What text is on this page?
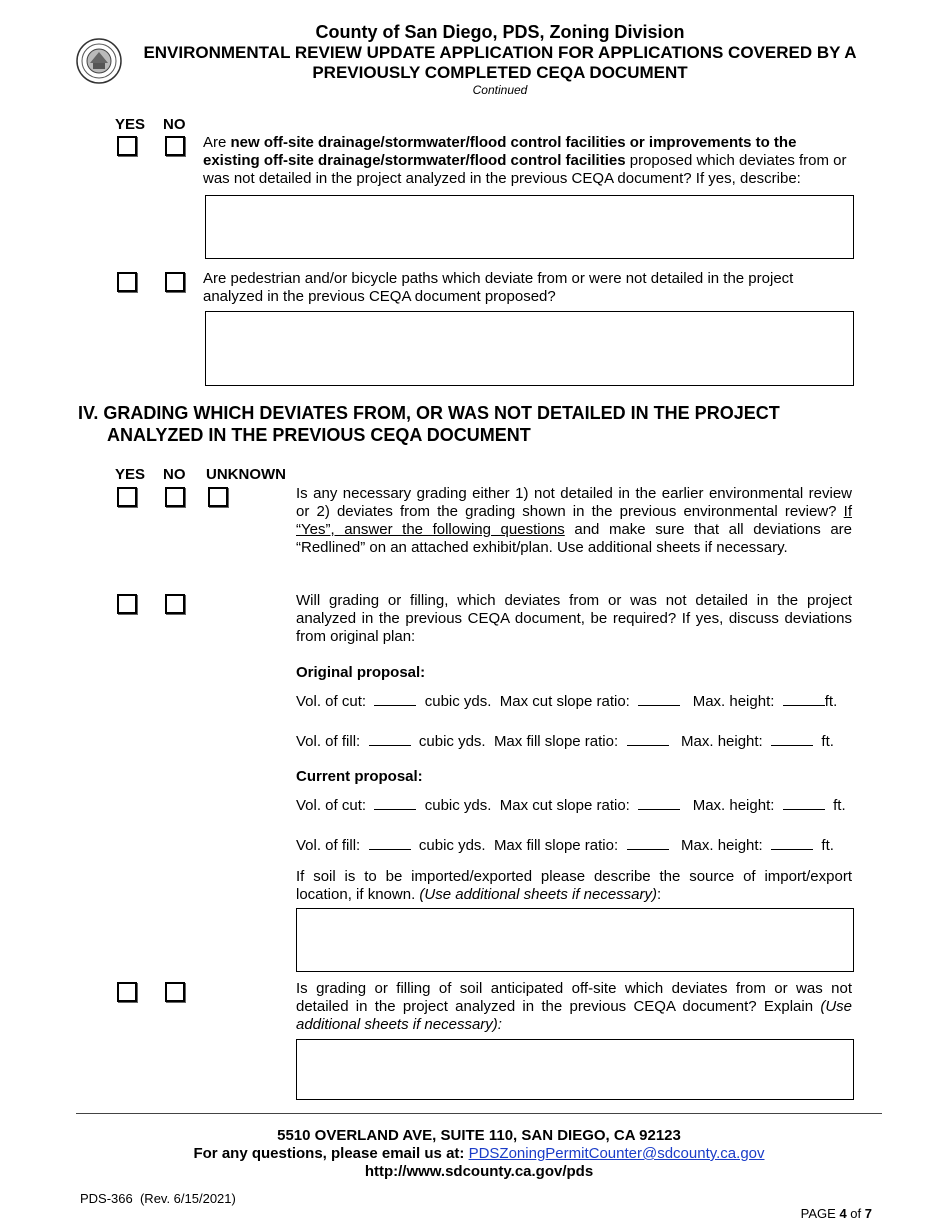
County of San Diego, PDS, Zoning Division
ENVIRONMENTAL REVIEW UPDATE APPLICATION FOR APPLICATIONS COVERED BY A
PREVIOUSLY COMPLETED CEQA DOCUMENT
Continued
YES NO
Are new off-site drainage/stormwater/flood control facilities or improvements to the existing off-site drainage/stormwater/flood control facilities proposed which deviates from or was not detailed in the project analyzed in the previous CEQA document? If yes, describe:
Are pedestrian and/or bicycle paths which deviate from or were not detailed in the project analyzed in the previous CEQA document proposed?
IV. GRADING WHICH DEVIATES FROM, OR WAS NOT DETAILED IN THE PROJECT
ANALYZED IN THE PREVIOUS CEQA DOCUMENT
YES NO UNKNOWN
Is any necessary grading either 1) not detailed in the earlier environmental review or 2) deviates from the grading shown in the previous environmental review? If “Yes”, answer the following questions and make sure that all deviations are “Redlined” on an attached exhibit/plan. Use additional sheets if necessary.
Will grading or filling, which deviates from or was not detailed in the project analyzed in the previous CEQA document, be required? If yes, discuss deviations from original plan:
Original proposal:
Vol. of cut:	cubic yds. Max cut slope ratio:	Max. height:	ft.
Vol. of fill:	cubic yds. Max fill slope ratio:	Max. height:	ft.
Current proposal:
Vol. of cut:	cubic yds. Max cut slope ratio:	Max. height:	ft.
Vol. of fill:	cubic yds. Max fill slope ratio:	Max. height:	ft.
If soil is to be imported/exported please describe the source of import/export location, if known. (Use additional sheets if necessary):
Is grading or filling of soil anticipated off-site which deviates from or was not detailed in the project analyzed in the previous CEQA document? Explain (Use additional sheets if necessary):
5510 OVERLAND AVE, SUITE 110, SAN DIEGO, CA 92123
For any questions, please email us at: PDSZoningPermitCounter@sdcounty.ca.gov
http://www.sdcounty.ca.gov/pds
PDS-366  (Rev. 6/15/2021)

PAGE 4 of 7
